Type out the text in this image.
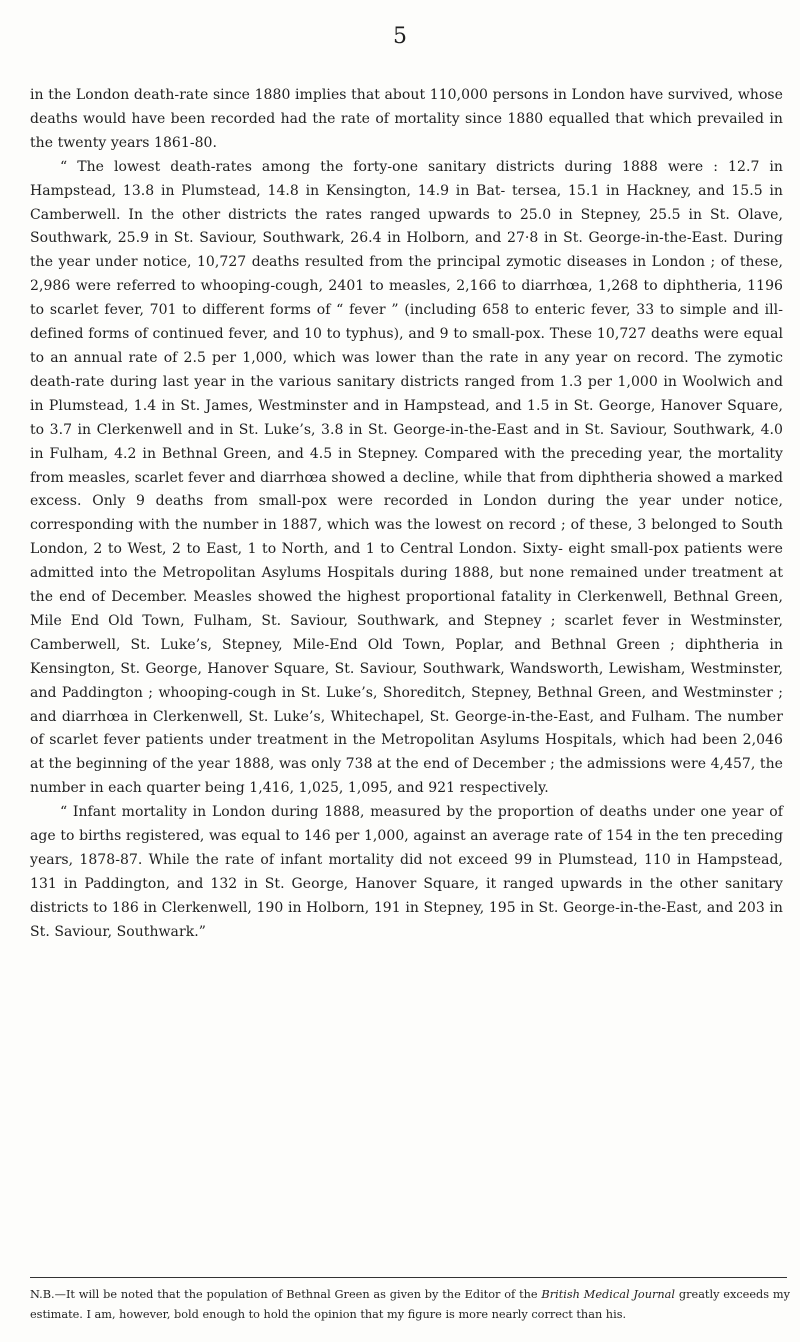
5

in the London death-rate since 1880 implies that about 110,000 persons in London have survived, whose deaths would have been recorded had the rate of mortality since 1880 equalled that which prevailed in the twenty years 1861-80.

“ The lowest death-rates among the forty-one sanitary districts during 1888 were : 12.7 in Hampstead, 13.8 in Plumstead, 14.8 in Kensington, 14.9 in Bat- tersea, 15.1 in Hackney, and 15.5 in Camberwell. In the other districts the rates ranged upwards to 25.0 in Stepney, 25.5 in St. Olave, Southwark, 25.9 in St. Saviour, Southwark, 26.4 in Holborn, and 27·8 in St. George-in-the-East. During the year under notice, 10,727 deaths resulted from the principal zymotic diseases in London ; of these, 2,986 were referred to whooping-cough, 2401 to measles, 2,166 to diarrhœa, 1,268 to diphtheria, 1196 to scarlet fever, 701 to different forms of “ fever ” (including 658 to enteric fever, 33 to simple and ill- defined forms of continued fever, and 10 to typhus), and 9 to small-pox. These 10,727 deaths were equal to an annual rate of 2.5 per 1,000, which was lower than the rate in any year on record. The zymotic death-rate during last year in the various sanitary districts ranged from 1.3 per 1,000 in Woolwich and in Plumstead, 1.4 in St. James, Westminster and in Hampstead, and 1.5 in St. George, Hanover Square, to 3.7 in Clerkenwell and in St. Luke’s, 3.8 in St. George-in-the-East and in St. Saviour, Southwark, 4.0 in Fulham, 4.2 in Bethnal Green, and 4.5 in Stepney. Compared with the preceding year, the mortality from measles, scarlet fever and diarrhœa showed a decline, while that from diphtheria showed a marked excess. Only 9 deaths from small-pox were recorded in London during the year under notice, corresponding with the number in 1887, which was the lowest on record ; of these, 3 belonged to South London, 2 to West, 2 to East, 1 to North, and 1 to Central London. Sixty- eight small-pox patients were admitted into the Metropolitan Asylums Hospitals during 1888, but none remained under treatment at the end of December. Measles showed the highest proportional fatality in Clerkenwell, Bethnal Green, Mile End Old Town, Fulham, St. Saviour, Southwark, and Stepney ; scarlet fever in Westminster, Camberwell, St. Luke’s, Stepney, Mile-End Old Town, Poplar, and Bethnal Green ; diphtheria in Kensington, St. George, Hanover Square, St. Saviour, Southwark, Wandsworth, Lewisham, Westminster, and Paddington ; whooping-cough in St. Luke’s, Shoreditch, Stepney, Bethnal Green, and Westminster ; and diarrhœa in Clerkenwell, St. Luke’s, Whitechapel, St. George-in-the-East, and Fulham. The number of scarlet fever patients under treatment in the Metropolitan Asylums Hospitals, which had been 2,046 at the beginning of the year 1888, was only 738 at the end of December ; the admissions were 4,457, the number in each quarter being 1,416, 1,025, 1,095, and 921 respectively.

“ Infant mortality in London during 1888, measured by the proportion of deaths under one year of age to births registered, was equal to 146 per 1,000, against an average rate of 154 in the ten preceding years, 1878-87. While the rate of infant mortality did not exceed 99 in Plumstead, 110 in Hampstead, 131 in Paddington, and 132 in St. George, Hanover Square, it ranged upwards in the other sanitary districts to 186 in Clerkenwell, 190 in Holborn, 191 in Stepney, 195 in St. George-in-the-East, and 203 in St. Saviour, Southwark.”

N.B.—It will be noted that the population of Bethnal Green as given by the Editor of the British Medical Journal greatly exceeds my estimate. I am, however, bold enough to hold the opinion that my figure is more nearly correct than his.
